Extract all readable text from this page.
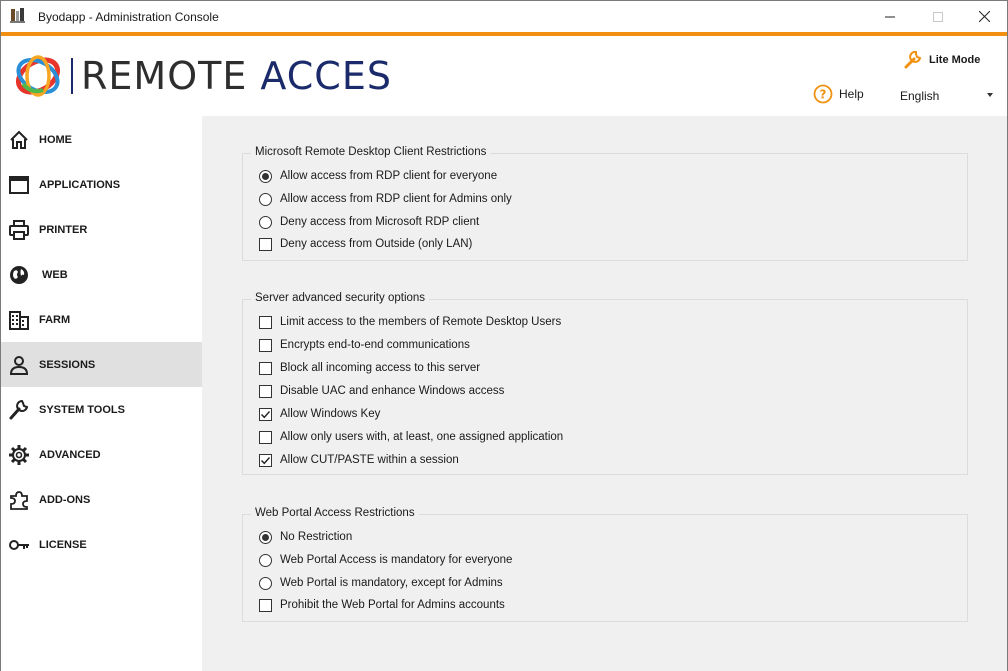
Byodapp - Administration Console
REMOTE ACCES	Lite Mode
? Help	English
HOME
APPLICATIONS
PRINTER
WEB
FARM
SESSIONS
SYSTEM TOOLS
ADVANCED
ADD-ONS
LICENSE
Microsoft Remote Desktop Client Restrictions
Allow access from RDP client for everyone
Allow access from RDP client for Admins only
Deny access from Microsoft RDP client
Deny access from Outside (only LAN)
Server advanced security options
Limit access to the members of Remote Desktop Users
Encrypts end-to-end communications
Block all incoming access to this server
Disable UAC and enhance Windows access
Allow Windows Key
Allow only users with, at least, one assigned application
Allow CUT/PASTE within a session
Web Portal Access Restrictions
No Restriction
Web Portal Access is mandatory for everyone
Web Portal is mandatory, except for Admins
Prohibit the Web Portal for Admins accounts
